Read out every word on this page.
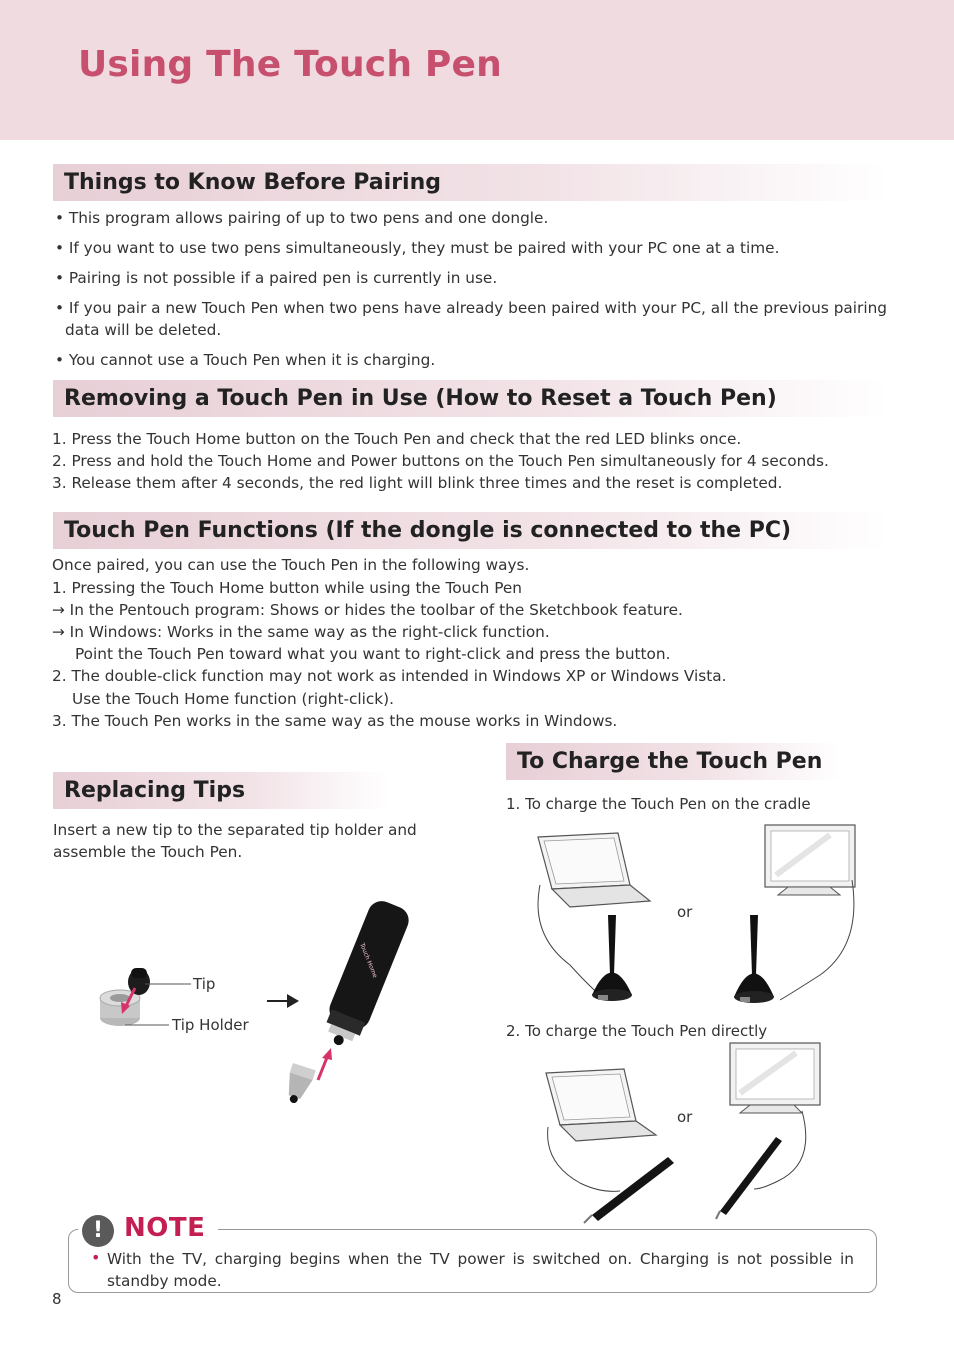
Using The Touch Pen
Things to Know Before Pairing
• This program allows pairing of up to two pens and one dongle.
• If you want to use two pens simultaneously, they must be paired with your PC one at a time.
• Pairing is not possible if a paired pen is currently in use.
• If you pair a new Touch Pen when two pens have already been paired with your PC, all the previous pairing
data will be deleted.
• You cannot use a Touch Pen when it is charging.
Removing a Touch Pen in Use (How to Reset a Touch Pen)
1. Press the Touch Home button on the Touch Pen and check that the red LED blinks once.
2. Press and hold the Touch Home and Power buttons on the Touch Pen simultaneously for 4 seconds.
3. Release them after 4 seconds, the red light will blink three times and the reset is completed.
Touch Pen Functions (If the dongle is connected to the PC)
Once paired, you can use the Touch Pen in the following ways.
1. Pressing the Touch Home button while using the Touch Pen
→ In the Pentouch program: Shows or hides the toolbar of the Sketchbook feature.
→ In Windows: Works in the same way as the right-click function.
Point the Touch Pen toward what you want to right-click and press the button.
2. The double-click function may not work as intended in Windows XP or Windows Vista.
Use the Touch Home function (right-click).
3. The Touch Pen works in the same way as the mouse works in Windows.
Replacing Tips
Insert a new tip to the separated tip holder and
assemble the Touch Pen.
Tip
Tip Holder
Touch Home
To Charge the Touch Pen
1. To charge the Touch Pen on the cradle
or
2. To charge the Touch Pen directly
or
! NOTE
• With the TV, charging begins when the TV power is switched on. Charging is not possible in standby mode.
8
